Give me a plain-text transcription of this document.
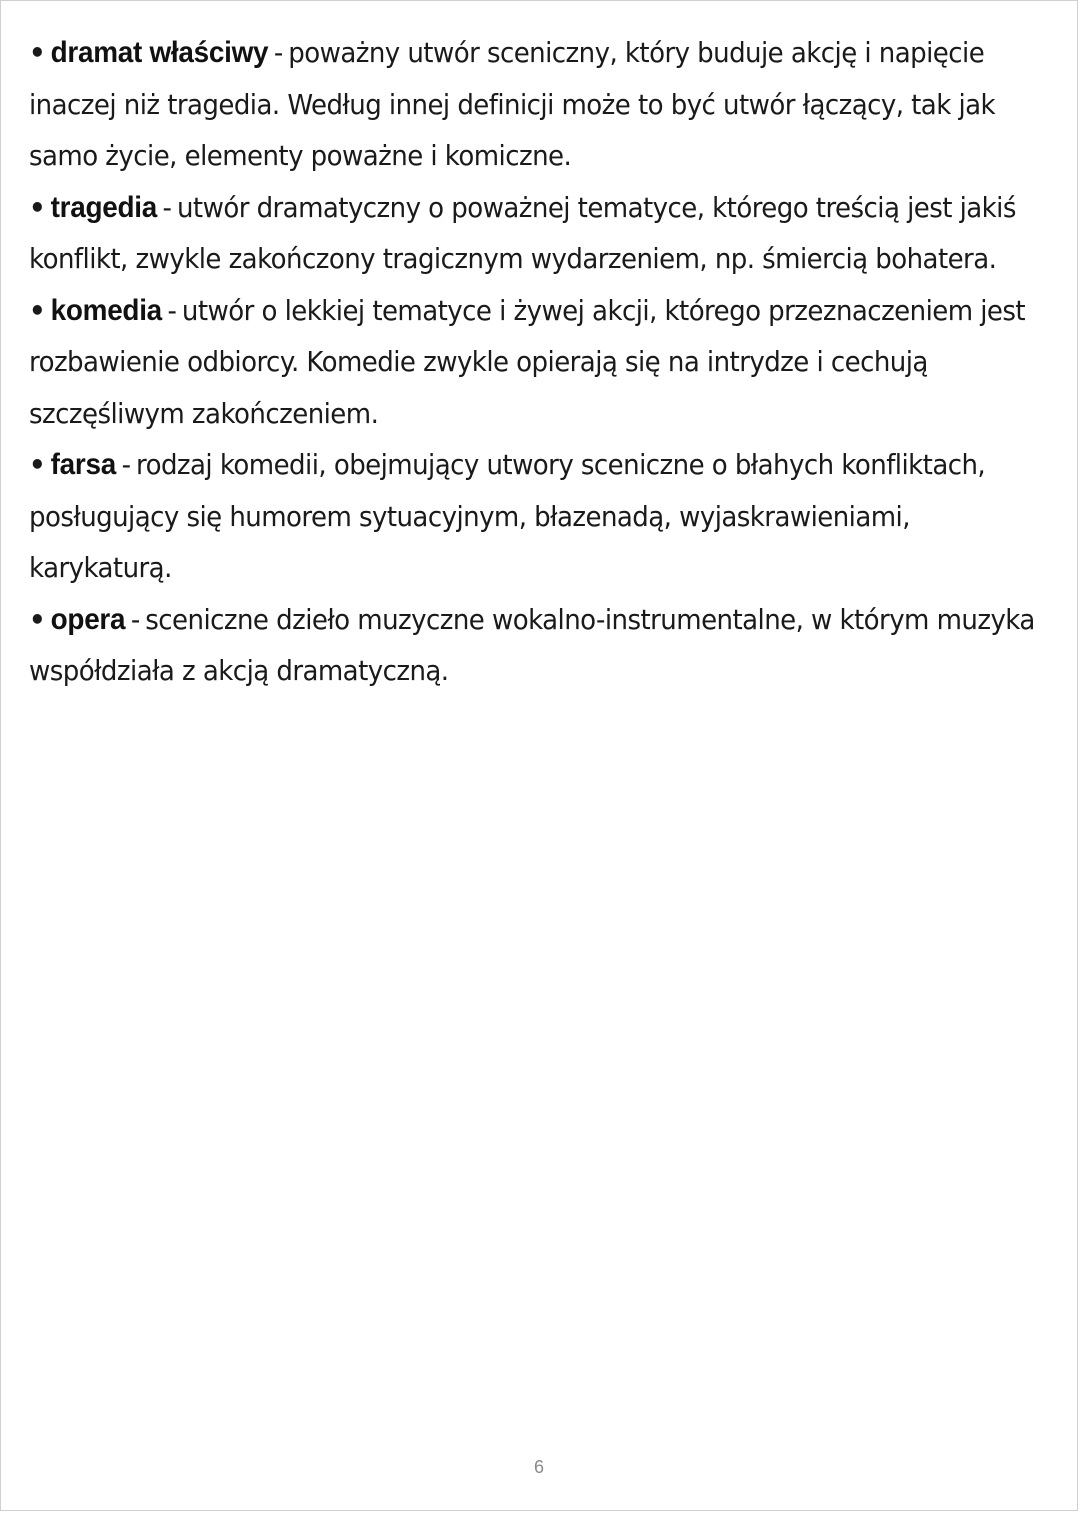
• dramat właściwy - poważny utwór sceniczny, który buduje akcję i napięcie inaczej niż tragedia. Według innej definicji może to być utwór łączący, tak jak samo życie, elementy poważne i komiczne.

• tragedia - utwór dramatyczny o poważnej tematyce, którego treścią jest jakiś konflikt, zwykle zakończony tragicznym wydarzeniem, np. śmiercią bohatera.

• komedia - utwór o lekkiej tematyce i żywej akcji, którego przeznaczeniem jest rozbawienie odbiorcy. Komedie zwykle opierają się na intrydze i cechują szczęśliwym zakończeniem.

• farsa - rodzaj komedii, obejmujący utwory sceniczne o błahych konfliktach, posługujący się humorem sytuacyjnym, błazenadą, wyjaskrawieniami, karykaturą.

• opera - sceniczne dzieło muzyczne wokalno-instrumentalne, w którym muzyka współdziała z akcją dramatyczną.

6
